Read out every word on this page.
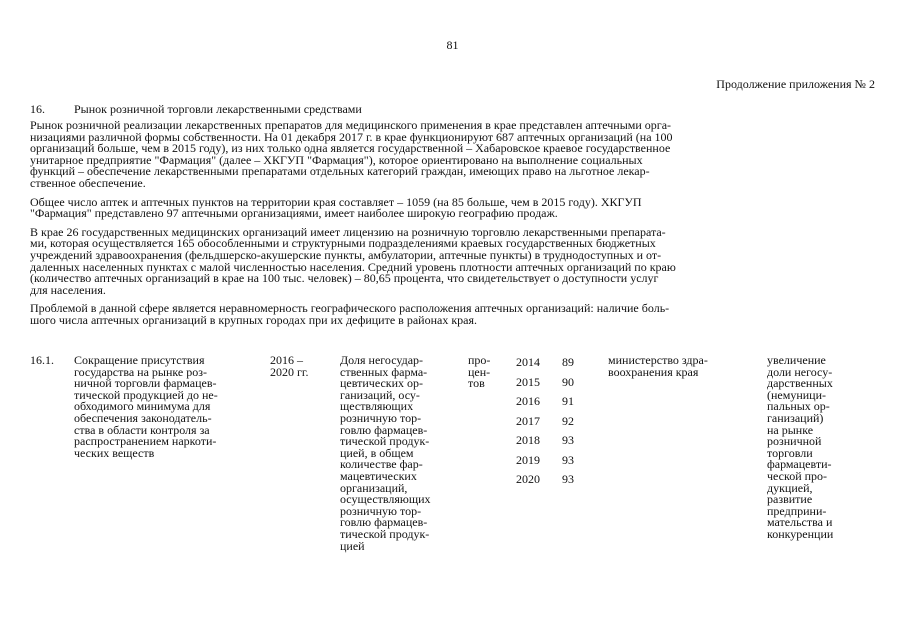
81
Продолжение приложения № 2
16. Рынок розничной торговли лекарственными средствами
Рынок розничной реализации лекарственных препаратов для медицинского применения в крае представлен аптечными орга-
низациями различной формы собственности. На 01 декабря 2017 г. в крае функционируют 687 аптечных организаций (на 100
организаций больше, чем в 2015 году), из них только одна является государственной – Хабаровское краевое государственное
унитарное предприятие "Фармация" (далее – ХКГУП "Фармация"), которое ориентировано на выполнение социальных
функций – обеспечение лекарственными препаратами отдельных категорий граждан, имеющих право на льготное лекар-
ственное обеспечение.
Общее число аптек и аптечных пунктов на территории края составляет – 1059 (на 85 больше, чем в 2015 году). ХКГУП
"Фармация" представлено 97 аптечными организациями, имеет наиболее широкую географию продаж.
В крае 26 государственных медицинских организаций имеет лицензию на розничную торговлю лекарственными препарата-
ми, которая осуществляется 165 обособленными и структурными подразделениями краевых государственных бюджетных
учреждений здравоохранения (фельдшерско-акушерские пункты, амбулатории, аптечные пункты) в труднодоступных и от-
даленных населенных пунктах с малой численностью населения. Средний уровень плотности аптечных организаций по краю
(количество аптечных организаций в крае на 100 тыс. человек) – 80,65 процента, что свидетельствует о доступности услуг
для населения.
Проблемой в данной сфере является неравномерность географического расположения аптечных организаций: наличие боль-
шого числа аптечных организаций в крупных городах при их дефиците в районах края.
16.1.	Сокращение присутствия
государства на рынке роз-
ничной торговли фармацев-
тической продукцией до не-
обходимого минимума для
обеспечения законодатель-
ства в области контроля за
распространением наркоти-
ческих веществ
2016 –
2020 гг.
Доля негосудар-
ственных фарма-
цевтических ор-
ганизаций, осу-
ществляющих
розничную тор-
говлю фармацев-
тической продук-
цией, в общем
количестве фар-
мацевтических
организаций,
осуществляющих
розничную тор-
говлю фармацев-
тической продук-
цией
про-
цен-
тов
2014
2015
2016
2017
2018
2019
2020
89
90
91
92
93
93
93
министерство здра-
воохранения края
увеличение
доли негосу-
дарственных
(немуници-
пальных ор-
ганизаций)
на рынке
розничной
торговли
фармацевти-
ческой про-
дукцией,
развитие
предприни-
мательства и
конкуренции
